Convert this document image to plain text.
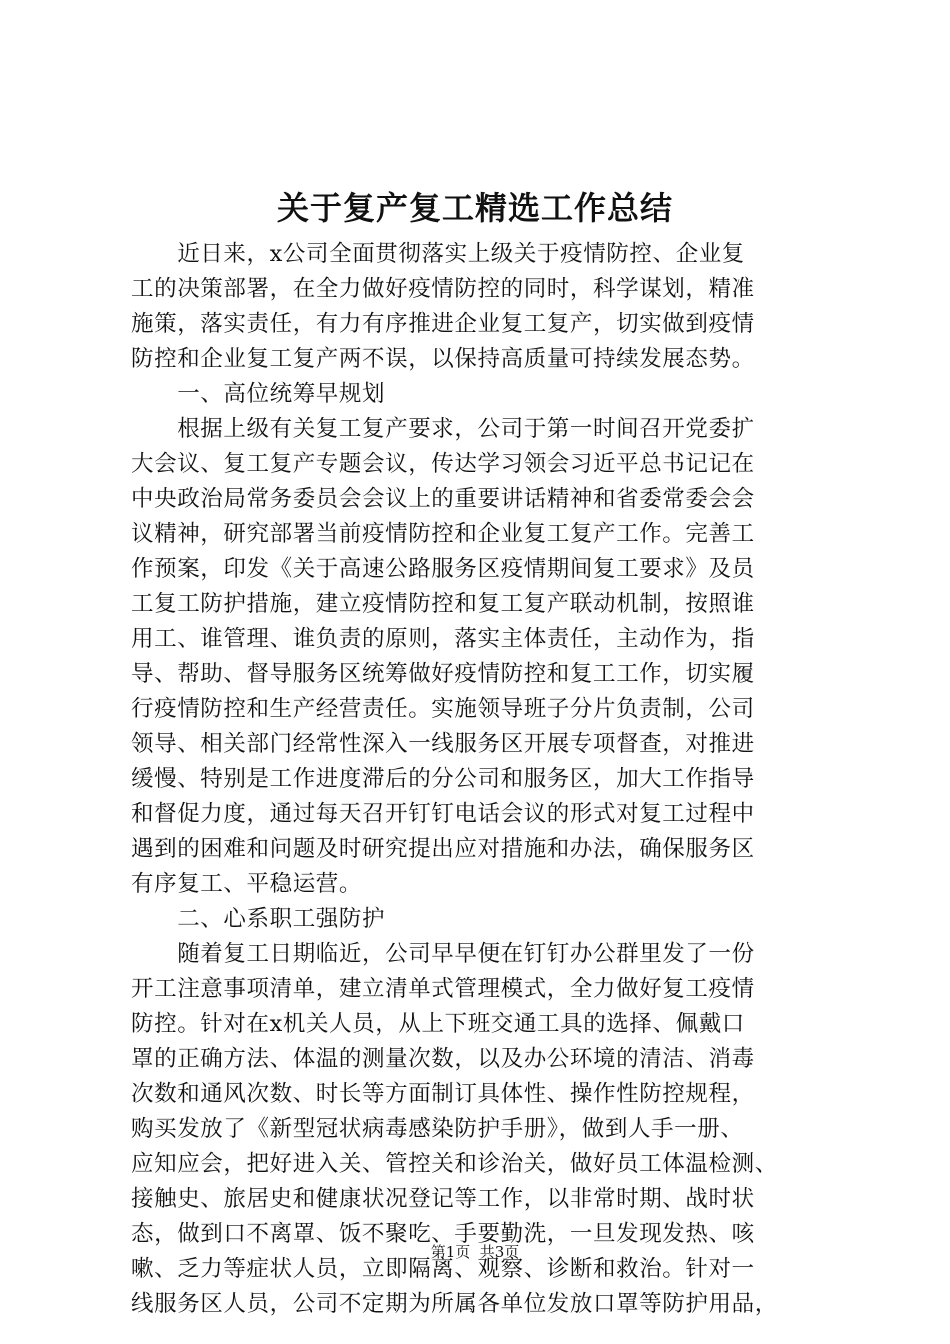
关于复产复工精选工作总结
　　近日来，x公司全面贯彻落实上级关于疫情防控、企业复
工的决策部署，在全力做好疫情防控的同时，科学谋划，精准
施策，落实责任，有力有序推进企业复工复产，切实做到疫情
防控和企业复工复产两不误，以保持高质量可持续发展态势。
　　一、高位统筹早规划
　　根据上级有关复工复产要求，公司于第一时间召开党委扩
大会议、复工复产专题会议，传达学习领会习近平总书记记在
中央政治局常务委员会会议上的重要讲话精神和省委常委会会
议精神，研究部署当前疫情防控和企业复工复产工作。完善工
作预案，印发《关于高速公路服务区疫情期间复工要求》及员
工复工防护措施，建立疫情防控和复工复产联动机制，按照谁
用工、谁管理、谁负责的原则，落实主体责任，主动作为，指
导、帮助、督导服务区统筹做好疫情防控和复工工作，切实履
行疫情防控和生产经营责任。实施领导班子分片负责制，公司
领导、相关部门经常性深入一线服务区开展专项督查，对推进
缓慢、特别是工作进度滞后的分公司和服务区，加大工作指导
和督促力度，通过每天召开钉钉电话会议的形式对复工过程中
遇到的困难和问题及时研究提出应对措施和办法，确保服务区
有序复工、平稳运营。
　　二、心系职工强防护
　　随着复工日期临近，公司早早便在钉钉办公群里发了一份
开工注意事项清单，建立清单式管理模式，全力做好复工疫情
防控。针对在x机关人员，从上下班交通工具的选择、佩戴口
罩的正确方法、体温的测量次数，以及办公环境的清洁、消毒
次数和通风次数、时长等方面制订具体性、操作性防控规程，
购买发放了《新型冠状病毒感染防护手册》，做到人手一册、
应知应会，把好进入关、管控关和诊治关，做好员工体温检测、
接触史、旅居史和健康状况登记等工作，以非常时期、战时状
态，做到口不离罩、饭不聚吃、手要勤洗，一旦发现发热、咳
嗽、乏力等症状人员，立即隔离、观察、诊断和救治。针对一
线服务区人员，公司不定期为所属各单位发放口罩等防护用品，
第1页  共3页
